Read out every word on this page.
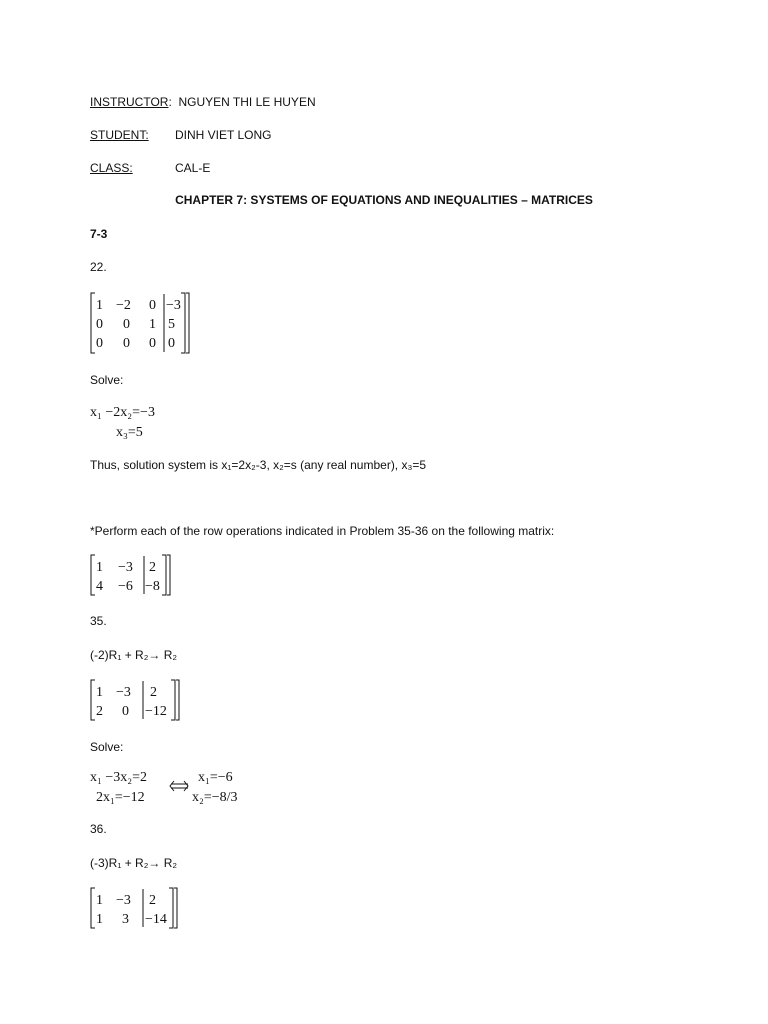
INSTRUCTOR:  NGUYEN THI LE HUYEN
STUDENT: DINH VIET LONG
CLASS:	CAL-E
CHAPTER 7: SYSTEMS OF EQUATIONS AND INEQUALITIES – MATRICES
7-3
22.
1 −2 0 −3
0 0 1 5
0 0 0 0
Solve:
x₁ −2x₂=−3
x₃=5
Thus, solution system is x₁=2x₂-3, x₂=s (any real number), x₃=5
*Perform each of the row operations indicated in Problem 35-36 on the following matrix:
1 −3 2
4 −6 −8
35.
(-2)R₁ + R₂→ R₂
1 −3 2
2 0 −12
Solve:
x₁ −3x₂=2
2x₁=−12
x₁=−6
x₂=−8/3
36.
(-3)R₁ + R₂→ R₂
1 −3 2
1 3 −14
